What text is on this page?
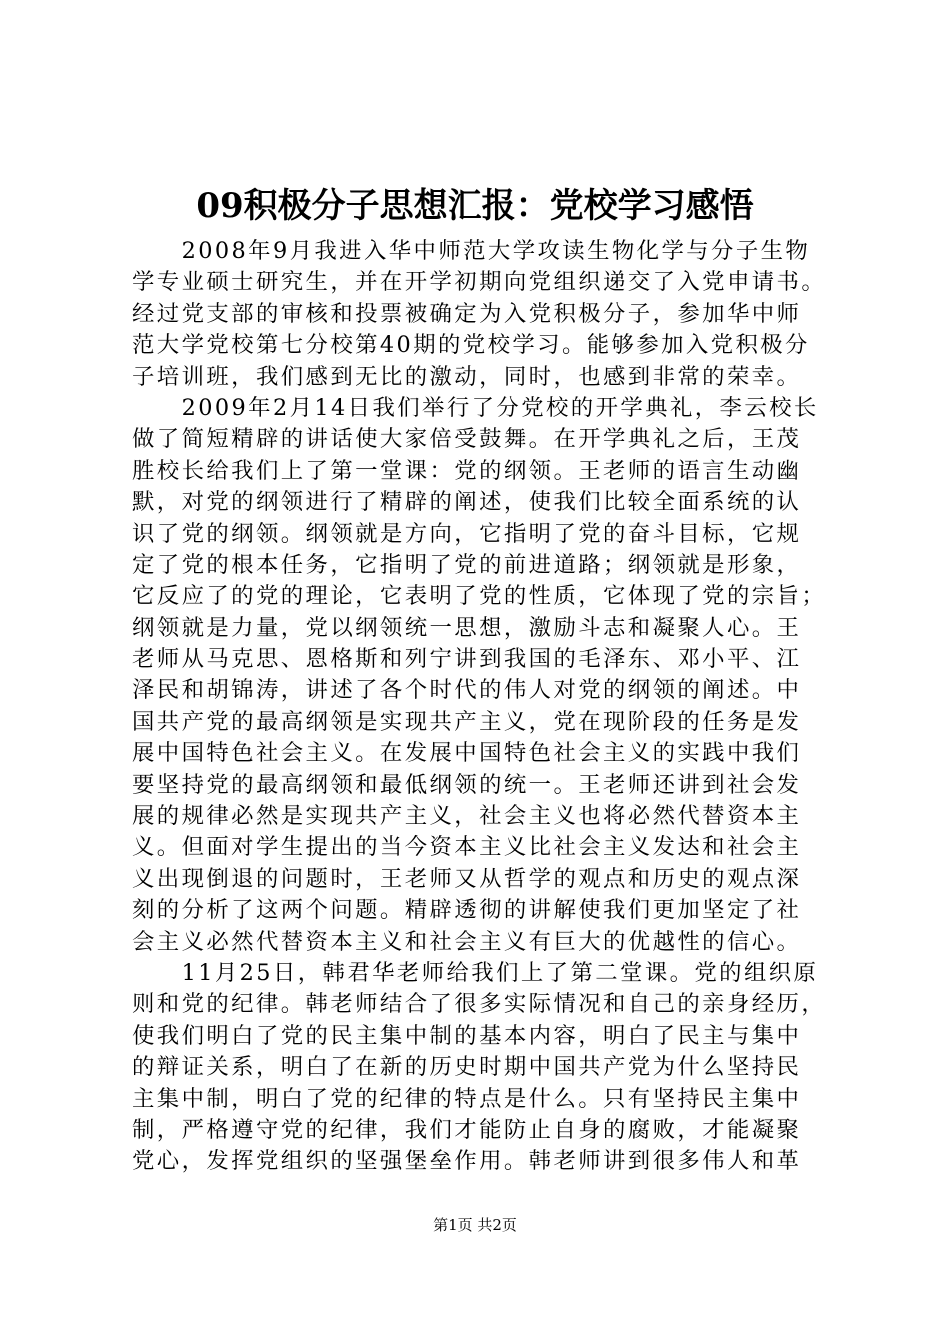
09积极分子思想汇报：党校学习感悟
　　2008年9月我进入华中师范大学攻读生物化学与分子生物
学专业硕士研究生，并在开学初期向党组织递交了入党申请书。
经过党支部的审核和投票被确定为入党积极分子，参加华中师
范大学党校第七分校第40期的党校学习。能够参加入党积极分
子培训班，我们感到无比的激动，同时，也感到非常的荣幸。
　　2009年2月14日我们举行了分党校的开学典礼，李云校长
做了简短精辟的讲话使大家倍受鼓舞。在开学典礼之后，王茂
胜校长给我们上了第一堂课：党的纲领。王老师的语言生动幽
默，对党的纲领进行了精辟的阐述，使我们比较全面系统的认
识了党的纲领。纲领就是方向，它指明了党的奋斗目标，它规
定了党的根本任务，它指明了党的前进道路；纲领就是形象，
它反应了的党的理论，它表明了党的性质，它体现了党的宗旨；
纲领就是力量，党以纲领统一思想，激励斗志和凝聚人心。王
老师从马克思、恩格斯和列宁讲到我国的毛泽东、邓小平、江
泽民和胡锦涛，讲述了各个时代的伟人对党的纲领的阐述。中
国共产党的最高纲领是实现共产主义，党在现阶段的任务是发
展中国特色社会主义。在发展中国特色社会主义的实践中我们
要坚持党的最高纲领和最低纲领的统一。王老师还讲到社会发
展的规律必然是实现共产主义，社会主义也将必然代替资本主
义。但面对学生提出的当今资本主义比社会主义发达和社会主
义出现倒退的问题时，王老师又从哲学的观点和历史的观点深
刻的分析了这两个问题。精辟透彻的讲解使我们更加坚定了社
会主义必然代替资本主义和社会主义有巨大的优越性的信心。
　　11月25日，韩君华老师给我们上了第二堂课。党的组织原
则和党的纪律。韩老师结合了很多实际情况和自己的亲身经历，
使我们明白了党的民主集中制的基本内容，明白了民主与集中
的辩证关系，明白了在新的历史时期中国共产党为什么坚持民
主集中制，明白了党的纪律的特点是什么。只有坚持民主集中
制，严格遵守党的纪律，我们才能防止自身的腐败，才能凝聚
党心，发挥党组织的坚强堡垒作用。韩老师讲到很多伟人和革
第1页 共2页
